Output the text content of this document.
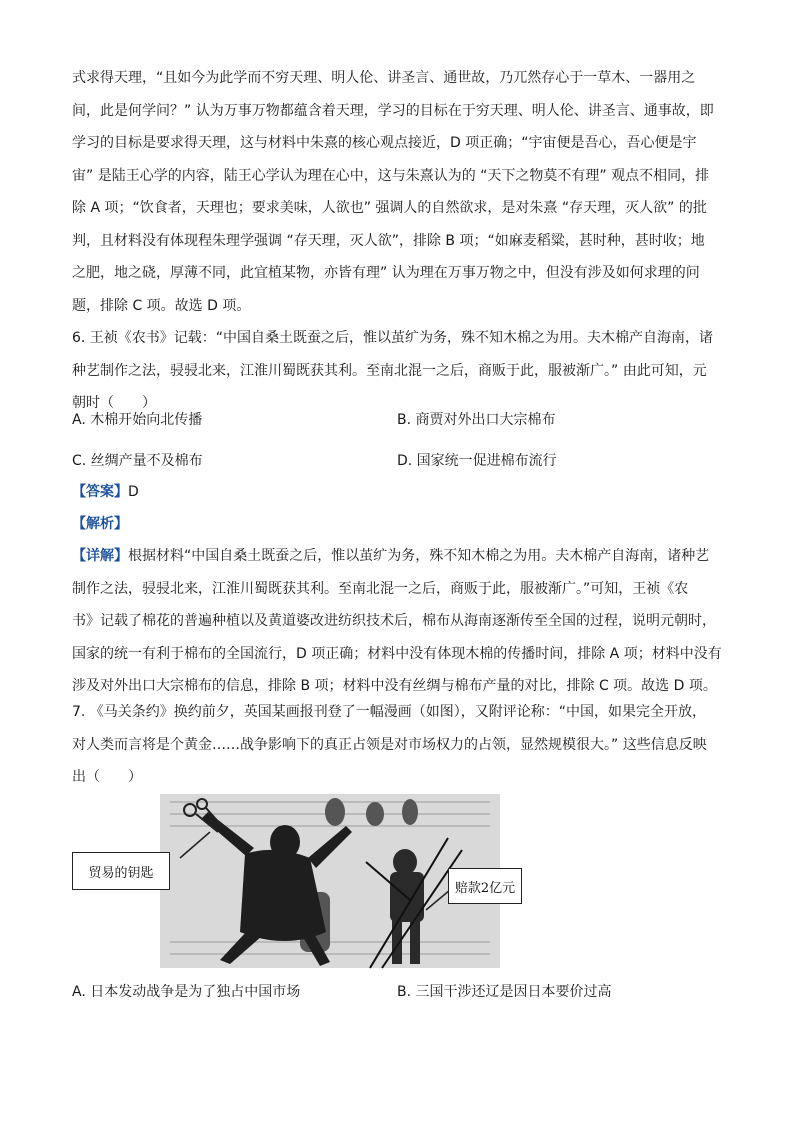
式求得天理，“且如今为此学而不穷天理、明人伦、讲圣言、通世故，乃兀然存心于一草木、一器用之
间，此是何学问？” 认为万事万物都蕴含着天理，学习的目标在于穷天理、明人伦、讲圣言、通事故，即
学习的目标是要求得天理，这与材料中朱熹的核心观点接近，D 项正确；“宇宙便是吾心，吾心便是宇
宙” 是陆王心学的内容，陆王心学认为理在心中，这与朱熹认为的 “天下之物莫不有理” 观点不相同，排
除 A 项；“饮食者，天理也；要求美味，人欲也” 强调人的自然欲求，是对朱熹 “存天理，灭人欲” 的批
判，且材料没有体现程朱理学强调 “存天理，灭人欲”，排除 B 项；“如麻麦稻粱，甚时种，甚时收；地
之肥，地之硗，厚薄不同，此宜植某物，亦皆有理” 认为理在万事万物之中，但没有涉及如何求理的问
题，排除 C 项。故选 D 项。
6. 王祯《农书》记载：“中国自桑土既蚕之后，惟以茧纩为务，殊不知木棉之为用。夫木棉产自海南，诸
种艺制作之法，骎骎北来，江淮川蜀既获其利。至南北混一之后，商贩于此，服被渐广。” 由此可知，元
朝时（　　）
A. 木棉开始向北传播	B. 商贾对外出口大宗棉布
C. 丝绸产量不及棉布	D. 国家统一促进棉布流行
【答案】D
【解析】
【详解】根据材料“中国自桑土既蚕之后，惟以茧纩为务，殊不知木棉之为用。夫木棉产自海南，诸种艺
制作之法，骎骎北来，江淮川蜀既获其利。至南北混一之后，商贩于此，服被渐广。”可知，王祯《农
书》记载了棉花的普遍种植以及黄道婆改进纺织技术后，棉布从海南逐渐传至全国的过程，说明元朝时，
国家的统一有利于棉布的全国流行，D 项正确；材料中没有体现木棉的传播时间，排除 A 项；材料中没有
涉及对外出口大宗棉布的信息，排除 B 项；材料中没有丝绸与棉布产量的对比，排除 C 项。故选 D 项。
7. 《马关条约》换约前夕，英国某画报刊登了一幅漫画（如图），又附评论称：“中国，如果完全开放，
对人类而言将是个黄金……战争影响下的真正占领是对市场权力的占领，显然规模很大。” 这些信息反映
出（　　）
贸易的钥匙
赔款2亿元
A. 日本发动战争是为了独占中国市场	B. 三国干涉还辽是因日本要价过高
